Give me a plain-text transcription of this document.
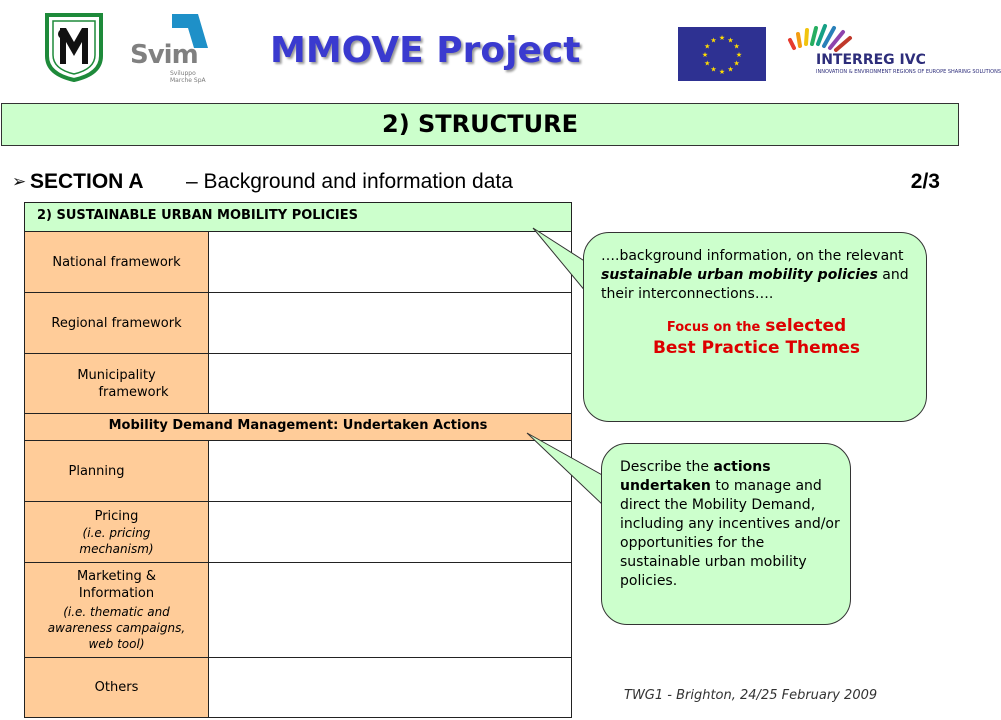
Svim
Sviluppo Marche SpA
MMOVE Project	★ ★
★
★
★
★
★
★
★
★
★
★
INTERREG IVC
INNOVATION & ENVIRONMENT REGIONS OF EUROPE SHARING SOLUTIONS
2) STRUCTURE
➢ SECTION A – Background and information data	2/3
2) SUSTAINABLE URBAN MOBILITY POLICIES
National framework
Regional framework
Municipality
framework
Mobility Demand Management: Undertaken Actions
Planning
Pricing
(i.e. pricing mechanism)
Marketing & Information
(i.e. thematic and awareness campaigns, web tool)
Others
….background information, on the relevant sustainable urban mobility policies and their interconnections….
Focus on the selected
Best Practice Themes
Describe the actions undertaken to manage and direct the Mobility Demand, including any incentives and/or opportunities for the sustainable urban mobility policies.
TWG1 - Brighton, 24/25 February 2009
